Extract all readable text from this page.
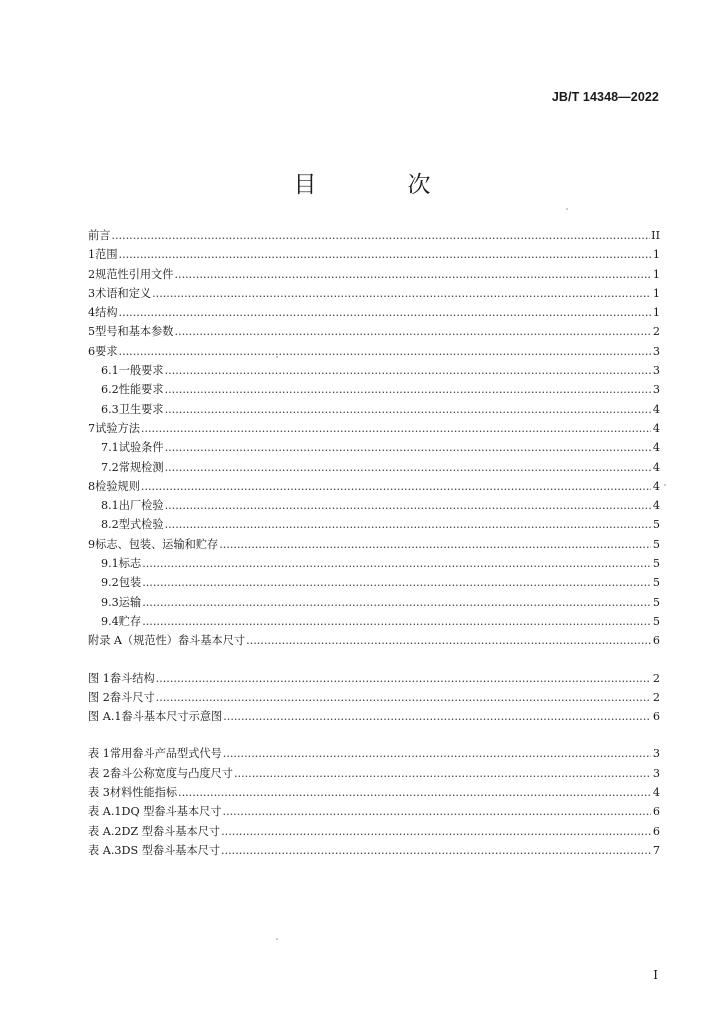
JB/T 14348—2022
目　次
前言 .....	II
1 范围 .....	1
2 规范性引用文件 .....	1
3 术语和定义 .....	1
4 结构 .....	1
5 型号和基本参数 .....	2
6 要求 .....	3
6.1 一般要求 .....	3
6.2 性能要求 .....	3
6.3 卫生要求 .....	4
7 试验方法 .....	4
7.1 试验条件 .....	4
7.2 常规检测 .....	4
8 检验规则 .....	4
8.1 出厂检验 .....	4
8.2 型式检验 .....	5
9 标志、包装、运输和贮存 .....	5
9.1 标志 .....	5
9.2 包装 .....	5
9.3 运输 .....	5
9.4 贮存 .....	5
附录 A（规范性）畚斗基本尺寸 .....	6
图 1 畚斗结构 .....	2
图 2 畚斗尺寸 .....	2
图 A.1 畚斗基本尺寸示意图 .....	6
表 1 常用畚斗产品型式代号 .....	3
表 2 畚斗公称宽度与凸度尺寸 .....	3
表 3 材料性能指标 .....	4
表 A.1 DQ 型畚斗基本尺寸 .....	6
表 A.2 DZ 型畚斗基本尺寸 .....	6
表 A.3 DS 型畚斗基本尺寸 .....	7
I
